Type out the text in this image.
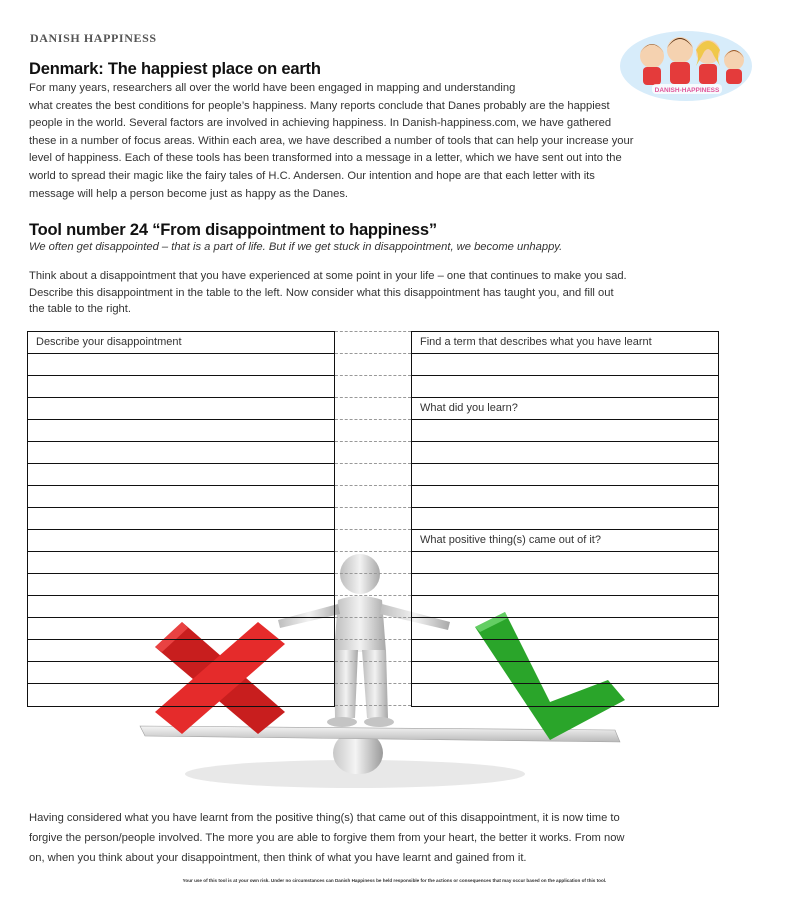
DANISH HAPPINESS
DANISH-HAPPINESS
Denmark: The happiest place on earth
For many years, researchers all over the world have been engaged in mapping and understanding
what creates the best conditions for people’s happiness. Many reports conclude that Danes probably are the happiest
people in the world. Several factors are involved in achieving happiness. In Danish-happiness.com, we have gathered
these in a number of focus areas. Within each area, we have described a number of tools that can help your increase your
level of happiness. Each of these tools has been transformed into a message in a letter, which we have sent out into the
world to spread their magic like the fairy tales of H.C. Andersen. Our intention and hope are that each letter with its
message will help a person become just as happy as the Danes.
Tool number 24 “From disappointment to happiness”
We often get disappointed – that is a part of life. But if we get stuck in disappointment, we become unhappy.
Think about a disappointment that you have experienced at some point in your life – one that continues to make you sad.
Describe this disappointment in the table to the left. Now consider what this disappointment has taught you, and fill out
the table to the right.
Describe your disappointment	Find a term that describes what you have learnt
What did you learn?
What positive thing(s) came out of it?
Having considered what you have learnt from the positive thing(s) that came out of this disappointment, it is now time to
forgive the person/people involved. The more you are able to forgive them from your heart, the better it works. From now
on, when you think about your disappointment, then think of what you have learnt and gained from it.
Your use of this tool is at your own risk. Under no circumstances can Danish Happiness be held responsible for the actions or consequences that may occur based on the application of this tool.
